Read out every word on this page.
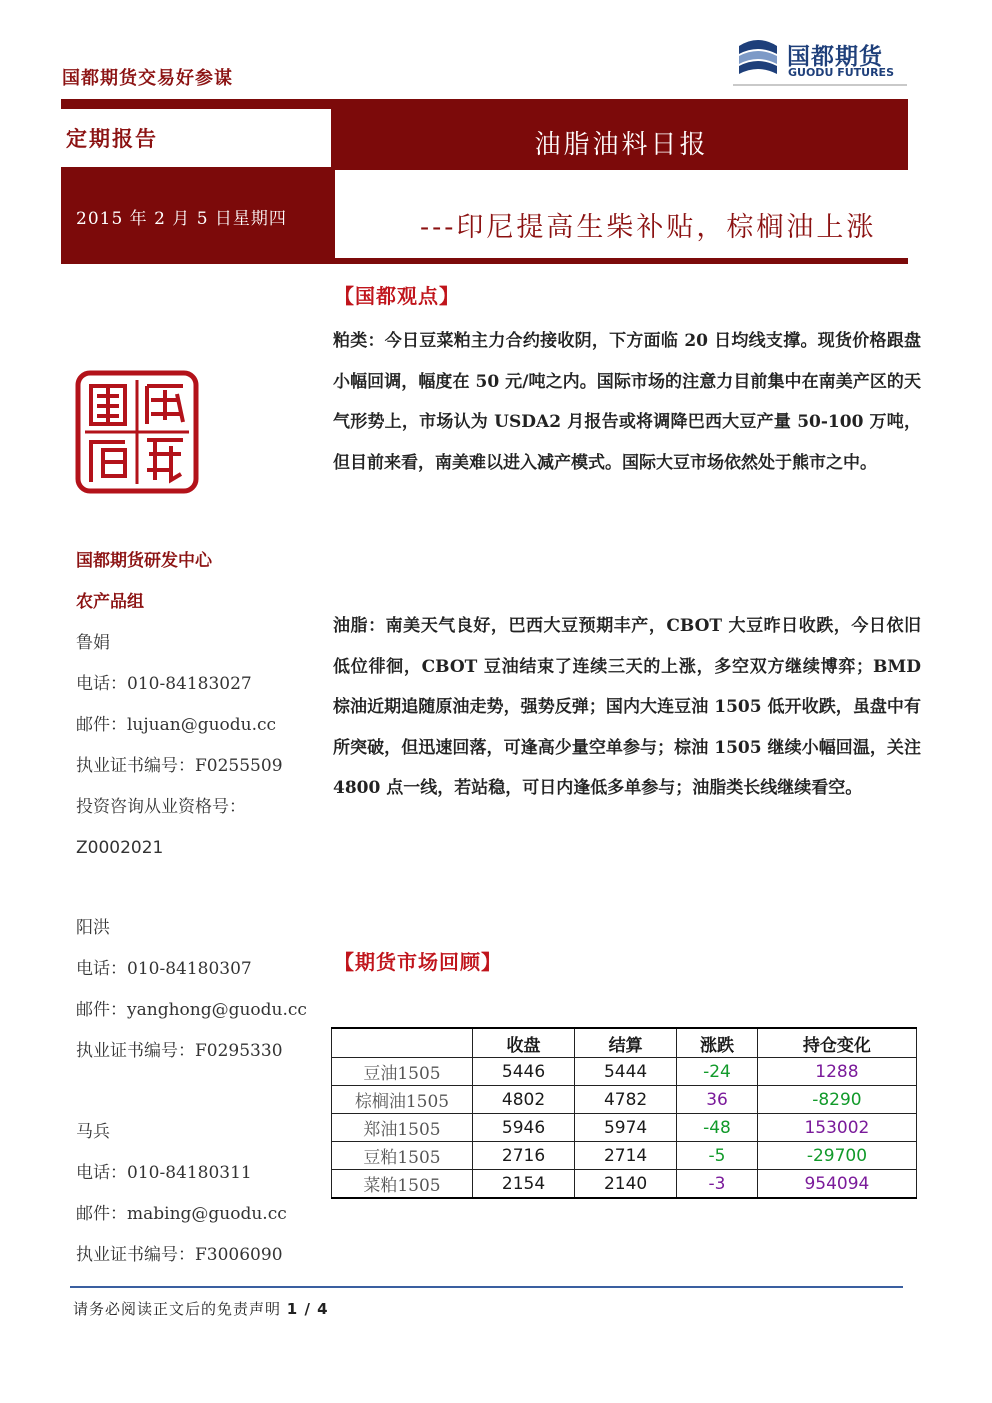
国都期货交易好参谋
国都期货
GUODU FUTURES
定期报告	油脂油料日报
2015 年 2 月 5 日星期四	---印尼提高生柴补贴，棕榈油上涨
国都期货研发中心
农产品组
鲁娟
电话：010-84183027
邮件：lujuan@guodu.cc
执业证书编号：F0255509
投资咨询从业资格号：
Z0002021
阳洪
电话：010-84180307
邮件：yanghong@guodu.cc
执业证书编号：F0295330
马兵
电话：010-84180311
邮件：mabing@guodu.cc
执业证书编号：F3006090
【国都观点】
粕类：今日豆菜粕主力合约接收阴，下方面临 20 日均线支撑。现货价格跟盘小幅回调，幅度在 50 元/吨之内。国际市场的注意力目前集中在南美产区的天气形势上，市场认为 USDA2 月报告或将调降巴西大豆产量 50-100 万吨，但目前来看，南美难以进入减产模式。国际大豆市场依然处于熊市之中。
油脂：南美天气良好，巴西大豆预期丰产，CBOT 大豆昨日收跌，今日依旧低位徘徊，CBOT 豆油结束了连续三天的上涨，多空双方继续博弈；BMD 棕油近期追随原油走势，强势反弹；国内大连豆油 1505 低开收跌，虽盘中有所突破，但迅速回落，可逢高少量空单参与；棕油 1505 继续小幅回温，关注 4800 点一线，若站稳，可日内逢低多单参与；油脂类长线继续看空。
【期货市场回顾】
	收盘	结算	涨跌	持仓变化
豆油1505	5446	5444	-24	1288
棕榈油1505	4802	4782	36	-8290
郑油1505	5946	5974	-48	153002
豆粕1505	2716	2714	-5	-29700
菜粕1505	2154	2140	-3	954094
请务必阅读正文后的免责声明 1 / 4
